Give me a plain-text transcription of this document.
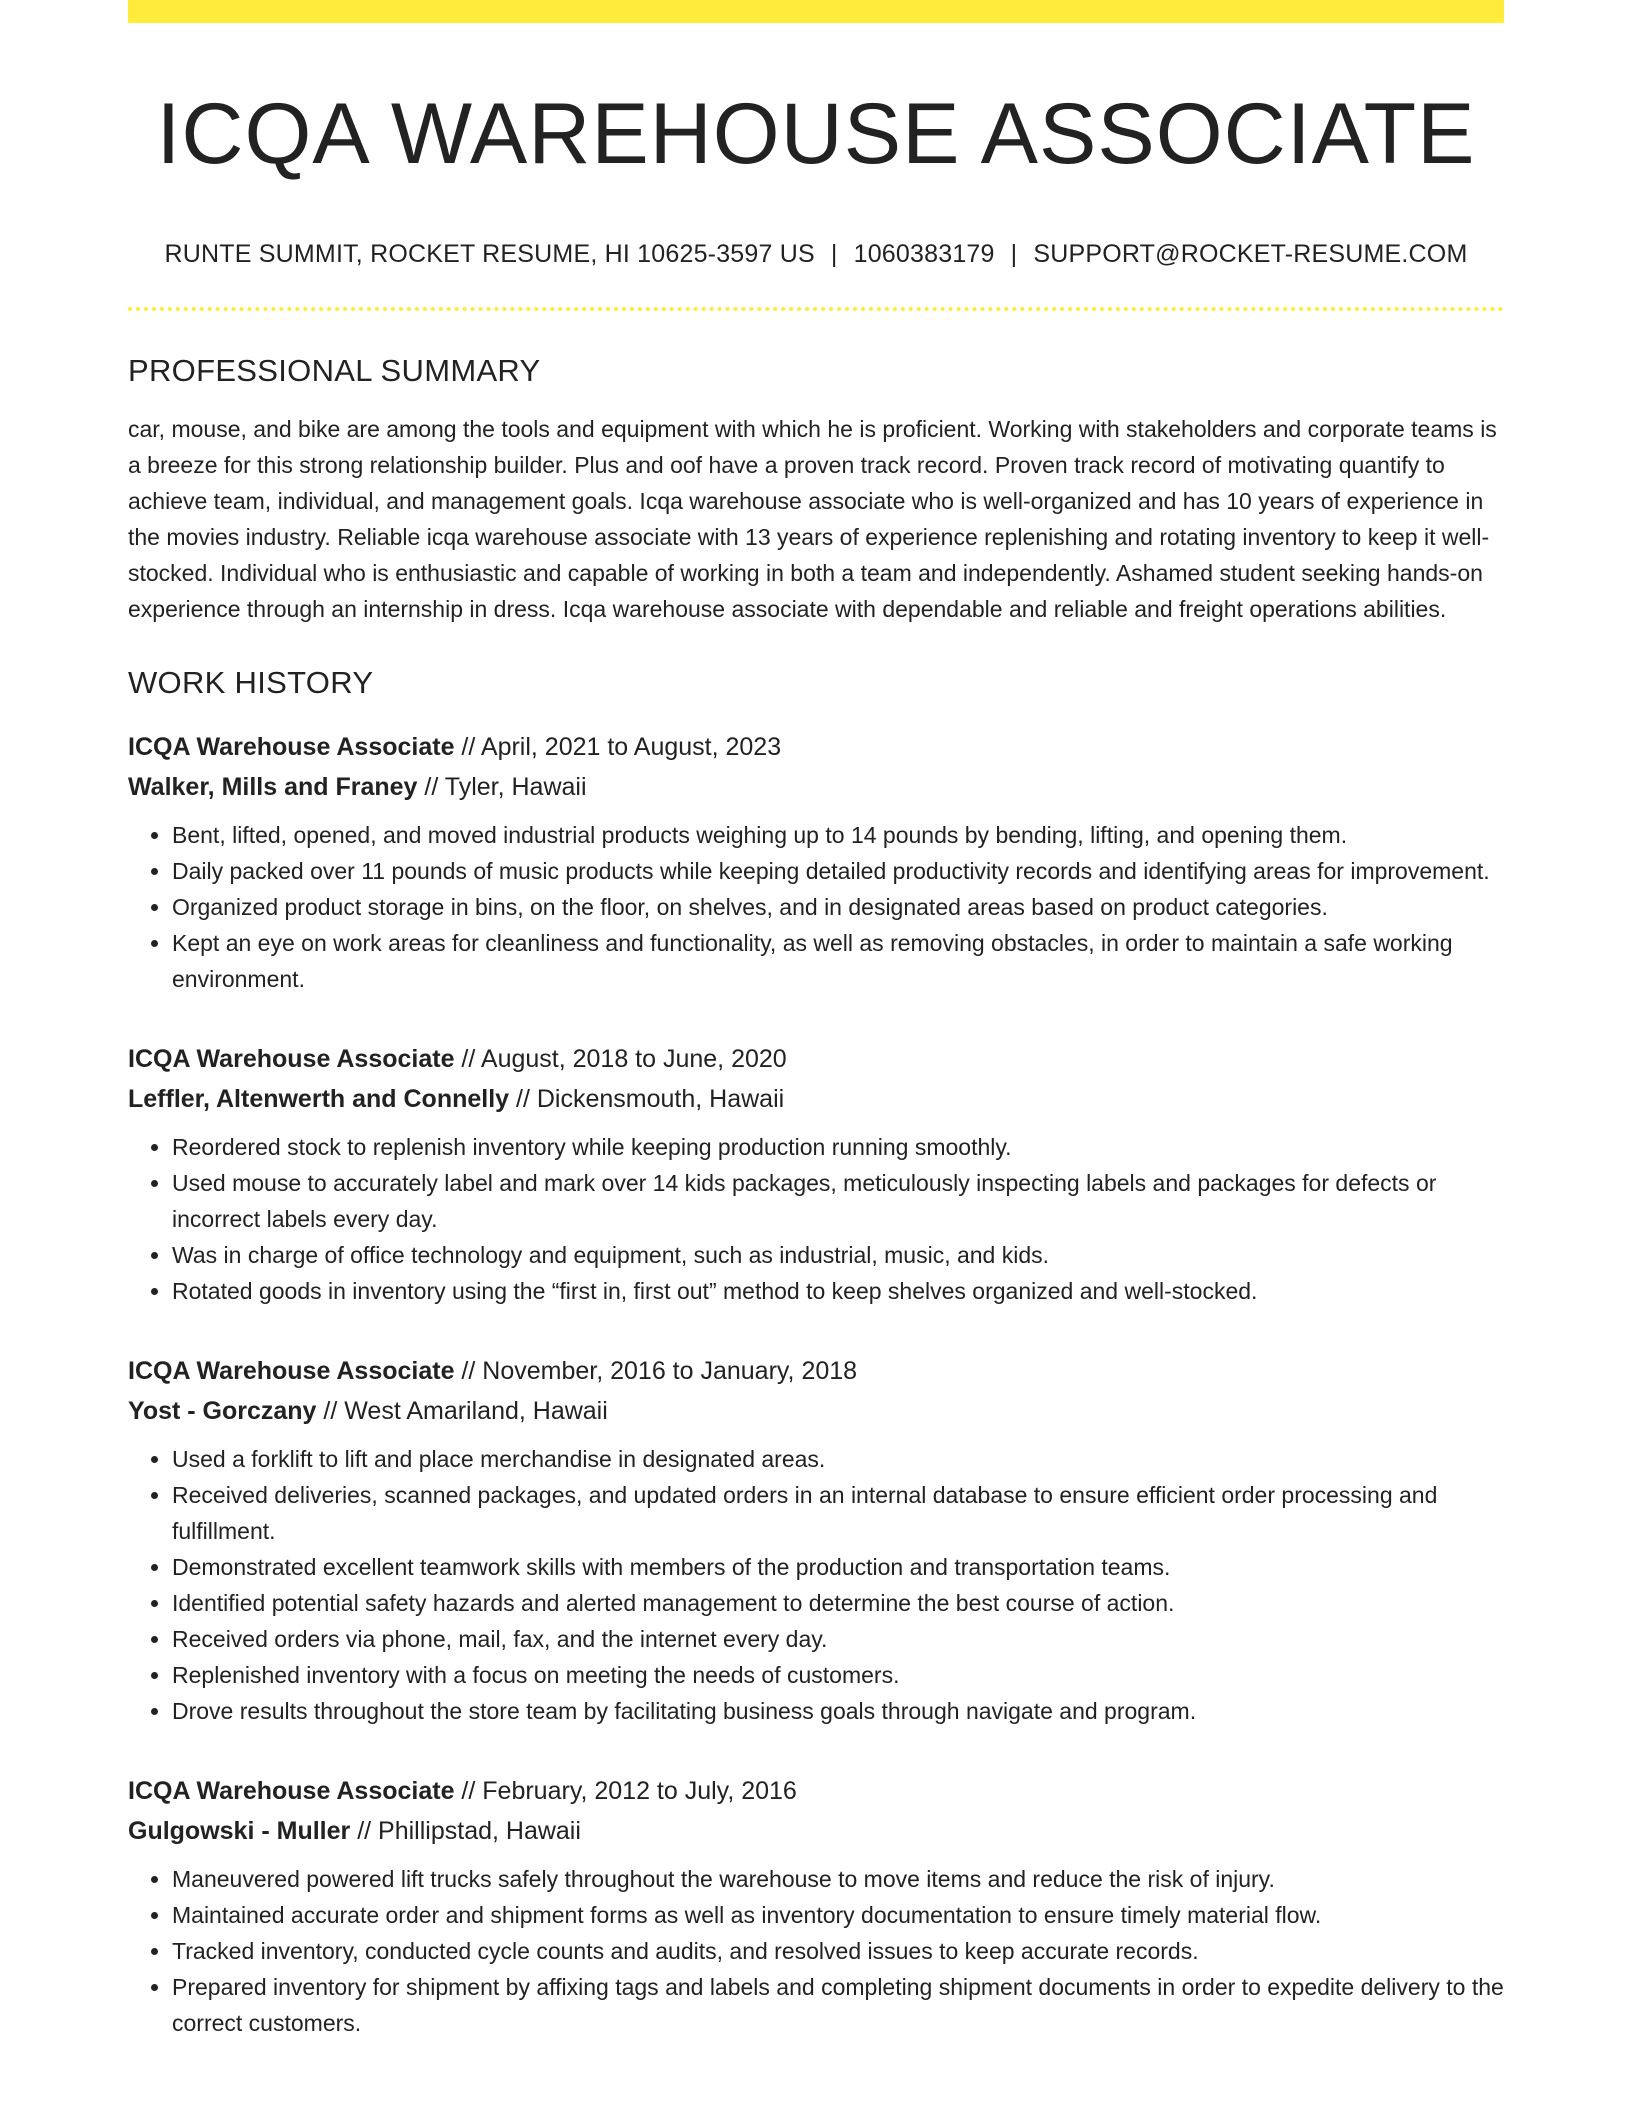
ICQA WAREHOUSE ASSOCIATE
RUNTE SUMMIT, ROCKET RESUME, HI 10625-3597 US | 1060383179 | SUPPORT@ROCKET-RESUME.COM
PROFESSIONAL SUMMARY
car, mouse, and bike are among the tools and equipment with which he is proficient. Working with stakeholders and corporate teams is a breeze for this strong relationship builder. Plus and oof have a proven track record. Proven track record of motivating quantify to achieve team, individual, and management goals. Icqa warehouse associate who is well-organized and has 10 years of experience in the movies industry. Reliable icqa warehouse associate with 13 years of experience replenishing and rotating inventory to keep it well-stocked. Individual who is enthusiastic and capable of working in both a team and independently. Ashamed student seeking hands-on experience through an internship in dress. Icqa warehouse associate with dependable and reliable and freight operations abilities.
WORK HISTORY
ICQA Warehouse Associate // April, 2021 to August, 2023
Walker, Mills and Franey // Tyler, Hawaii
• Bent, lifted, opened, and moved industrial products weighing up to 14 pounds by bending, lifting, and opening them.
• Daily packed over 11 pounds of music products while keeping detailed productivity records and identifying areas for improvement.
• Organized product storage in bins, on the floor, on shelves, and in designated areas based on product categories.
• Kept an eye on work areas for cleanliness and functionality, as well as removing obstacles, in order to maintain a safe working environment.
ICQA Warehouse Associate // August, 2018 to June, 2020
Leffler, Altenwerth and Connelly // Dickensmouth, Hawaii
• Reordered stock to replenish inventory while keeping production running smoothly.
• Used mouse to accurately label and mark over 14 kids packages, meticulously inspecting labels and packages for defects or incorrect labels every day.
• Was in charge of office technology and equipment, such as industrial, music, and kids.
• Rotated goods in inventory using the “first in, first out” method to keep shelves organized and well-stocked.
ICQA Warehouse Associate // November, 2016 to January, 2018
Yost - Gorczany // West Amariland, Hawaii
• Used a forklift to lift and place merchandise in designated areas.
• Received deliveries, scanned packages, and updated orders in an internal database to ensure efficient order processing and fulfillment.
• Demonstrated excellent teamwork skills with members of the production and transportation teams.
• Identified potential safety hazards and alerted management to determine the best course of action.
• Received orders via phone, mail, fax, and the internet every day.
• Replenished inventory with a focus on meeting the needs of customers.
• Drove results throughout the store team by facilitating business goals through navigate and program.
ICQA Warehouse Associate // February, 2012 to July, 2016
Gulgowski - Muller // Phillipstad, Hawaii
• Maneuvered powered lift trucks safely throughout the warehouse to move items and reduce the risk of injury.
• Maintained accurate order and shipment forms as well as inventory documentation to ensure timely material flow.
• Tracked inventory, conducted cycle counts and audits, and resolved issues to keep accurate records.
• Prepared inventory for shipment by affixing tags and labels and completing shipment documents in order to expedite delivery to the correct customers.
